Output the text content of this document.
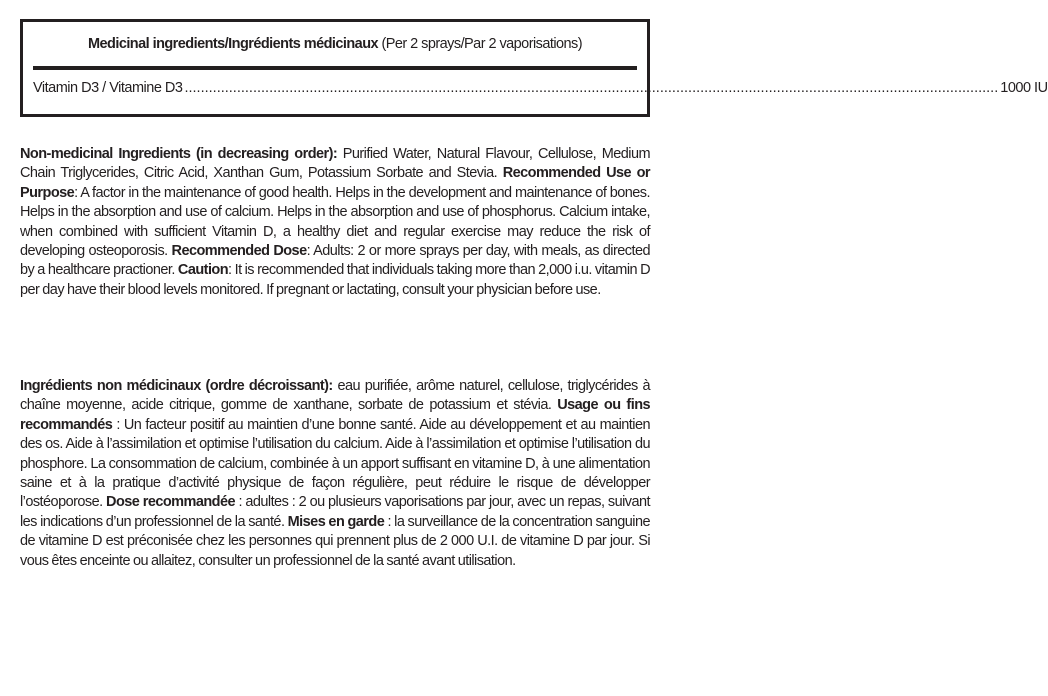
Medicinal ingredients/Ingrédients médicinaux (Per 2 sprays/Par 2 vaporisations)
Vitamin D3 / Vitamine D3 .......................................................................................................................................................................................................... 1000 IU
Non-medicinal Ingredients (in decreasing order): Purified Water, Natural Flavour, Cellulose, Medium Chain Triglycerides, Citric Acid, Xanthan Gum, Potassium Sorbate and Stevia. Recommended Use or Purpose: A factor in the maintenance of good health. Helps in the development and maintenance of bones. Helps in the absorption and use of calcium. Helps in the absorption and use of phosphorus. Calcium intake, when combined with sufficient Vitamin D, a healthy diet and regular exercise may reduce the risk of developing osteoporosis. Recommended Dose: Adults: 2 or more sprays per day, with meals, as directed by a healthcare practioner. Caution: It is recommended that individuals taking more than 2,000 i.u. vitamin D per day have their blood levels monitored. If pregnant or lactating, consult your physician before use.
Ingrédients non médicinaux (ordre décroissant): eau purifiée, arôme naturel, cellulose, triglycérides à chaîne moyenne, acide citrique, gomme de xanthane, sorbate de potassium et stévia. Usage ou fins recommandés : Un facteur positif au maintien d’une bonne santé. Aide au développement et au maintien des os. Aide à l’assimilation et optimise l’utilisation du calcium. Aide à l’assimilation et optimise l’utilisation du phosphore. La consommation de calcium, combinée à un apport suffisant en vitamine D, à une alimentation saine et à la pratique d’activité physique de façon régulière, peut réduire le risque de développer l’ostéoporose. Dose recommandée : adultes : 2 ou plusieurs vaporisations par jour, avec un repas, suivant les indications d’un professionnel de la santé. Mises en garde : la surveillance de la concentration sanguine de vitamine D est préconisée chez les personnes qui prennent plus de 2 000 U.I. de vitamine D par jour. Si vous êtes enceinte ou allaitez, consulter un professionnel de la santé avant utilisation.
